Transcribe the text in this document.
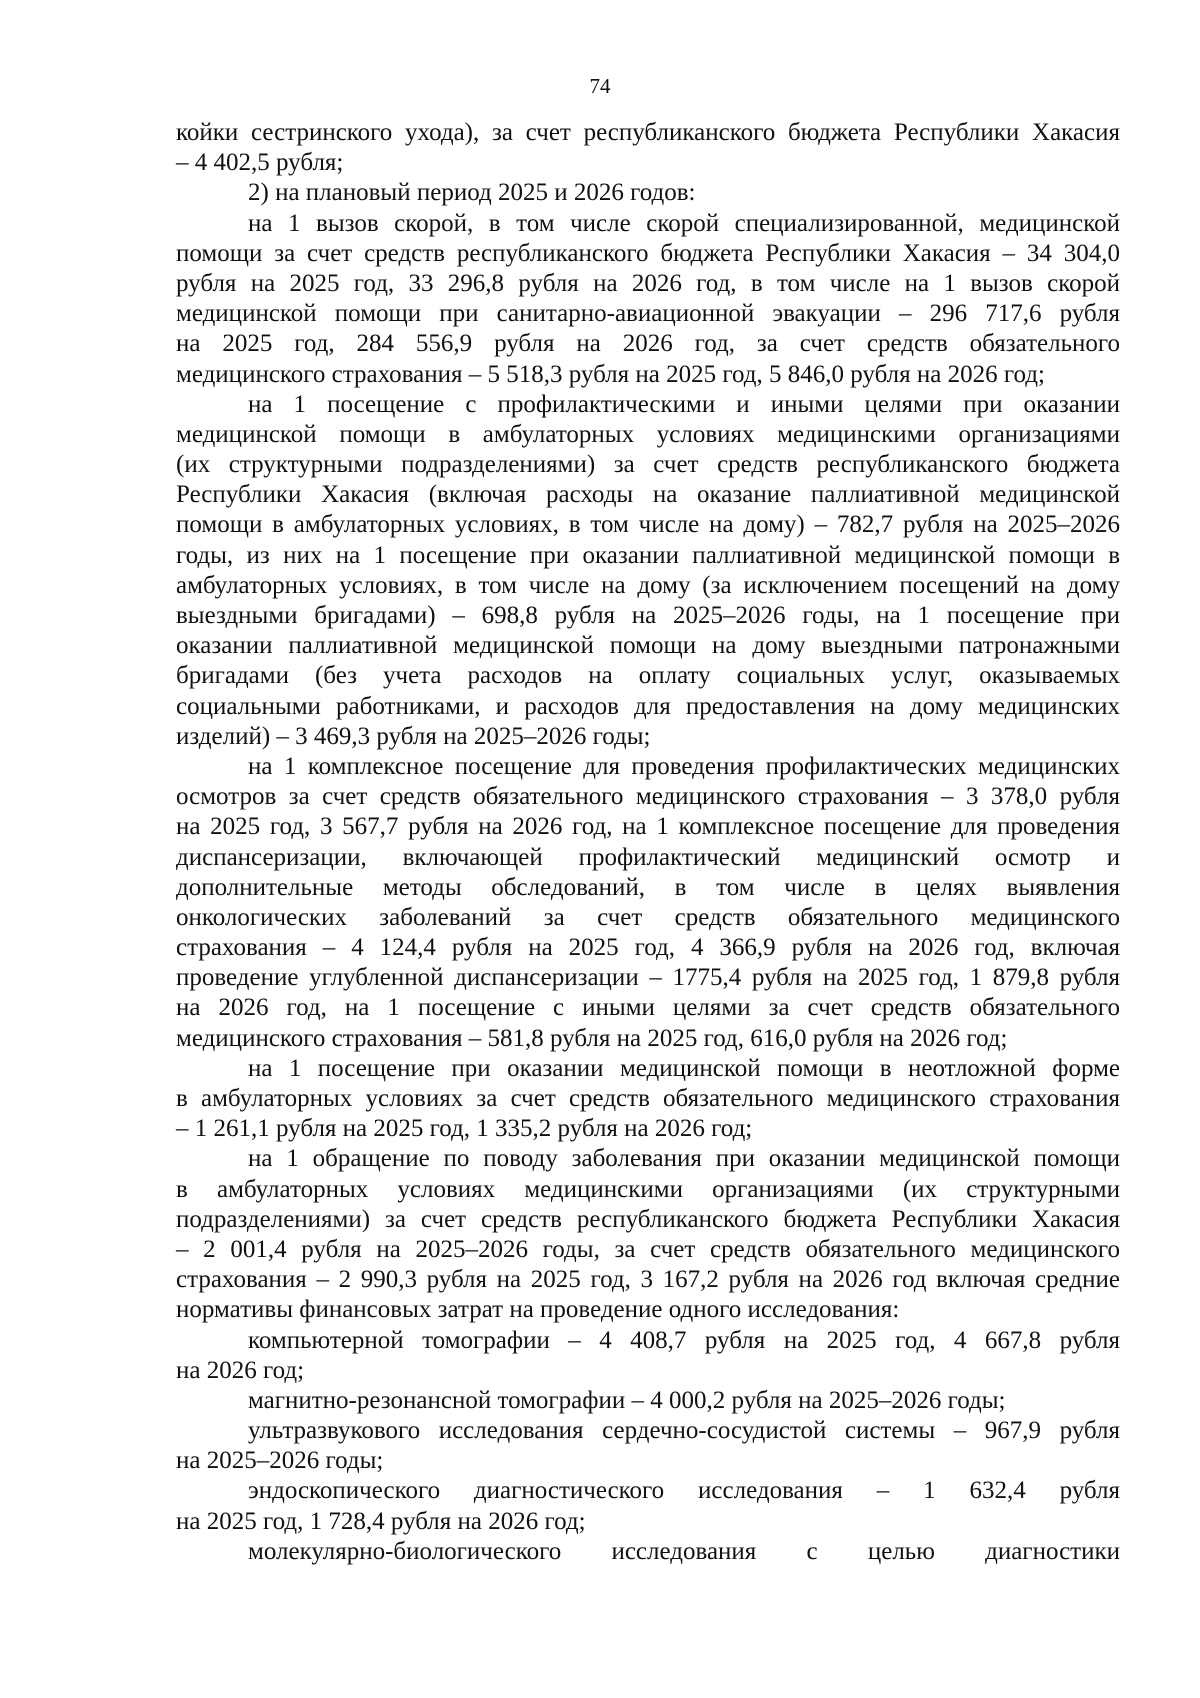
74
койки сестринского ухода), за счет республиканского бюджета Республики Хакасия
– 4 402,5 рубля;
2) на плановый период 2025 и 2026 годов:
на 1 вызов скорой, в том числе скорой специализированной, медицинской
помощи за счет средств республиканского бюджета Республики Хакасия – 34 304,0
рубля на 2025 год, 33 296,8 рубля на 2026 год, в том числе на 1 вызов скорой
медицинской помощи при санитарно-авиационной эвакуации – 296 717,6 рубля
на 2025 год, 284 556,9 рубля на 2026 год, за счет средств обязательного
медицинского страхования – 5 518,3 рубля на 2025 год, 5 846,0 рубля на 2026 год;
на 1 посещение с профилактическими и иными целями при оказании
медицинской помощи в амбулаторных условиях медицинскими организациями
(их структурными подразделениями) за счет средств республиканского бюджета
Республики Хакасия (включая расходы на оказание паллиативной медицинской
помощи в амбулаторных условиях, в том числе на дому) – 782,7 рубля на 2025–2026
годы, из них на 1 посещение при оказании паллиативной медицинской помощи в
амбулаторных условиях, в том числе на дому (за исключением посещений на дому
выездными бригадами) – 698,8 рубля на 2025–2026 годы, на 1 посещение при
оказании паллиативной медицинской помощи на дому выездными патронажными
бригадами (без учета расходов на оплату социальных услуг, оказываемых
социальными работниками, и расходов для предоставления на дому медицинских
изделий) – 3 469,3 рубля на 2025–2026 годы;
на 1 комплексное посещение для проведения профилактических медицинских
осмотров за счет средств обязательного медицинского страхования – 3 378,0 рубля
на 2025 год, 3 567,7 рубля на 2026 год, на 1 комплексное посещение для проведения
диспансеризации, включающей профилактический медицинский осмотр и
дополнительные методы обследований, в том числе в целях выявления
онкологических заболеваний за счет средств обязательного медицинского
страхования – 4 124,4 рубля на 2025 год, 4 366,9 рубля на 2026 год, включая
проведение углубленной диспансеризации – 1775,4 рубля на 2025 год, 1 879,8 рубля
на 2026 год, на 1 посещение с иными целями за счет средств обязательного
медицинского страхования – 581,8 рубля на 2025 год, 616,0 рубля на 2026 год;
на 1 посещение при оказании медицинской помощи в неотложной форме
в амбулаторных условиях за счет средств обязательного медицинского страхования
– 1 261,1 рубля на 2025 год, 1 335,2 рубля на 2026 год;
на 1 обращение по поводу заболевания при оказании медицинской помощи
в амбулаторных условиях медицинскими организациями (их структурными
подразделениями) за счет средств республиканского бюджета Республики Хакасия
– 2 001,4 рубля на 2025–2026 годы, за счет средств обязательного медицинского
страхования – 2 990,3 рубля на 2025 год, 3 167,2 рубля на 2026 год включая средние
нормативы финансовых затрат на проведение одного исследования:
компьютерной томографии – 4 408,7 рубля на 2025 год, 4 667,8 рубля
на 2026 год;
магнитно-резонансной томографии – 4 000,2 рубля на 2025–2026 годы;
ультразвукового исследования сердечно-сосудистой системы – 967,9 рубля
на 2025–2026 годы;
эндоскопического диагностического исследования – 1 632,4 рубля
на 2025 год, 1 728,4 рубля на 2026 год;
молекулярно-биологического исследования с целью диагностики
